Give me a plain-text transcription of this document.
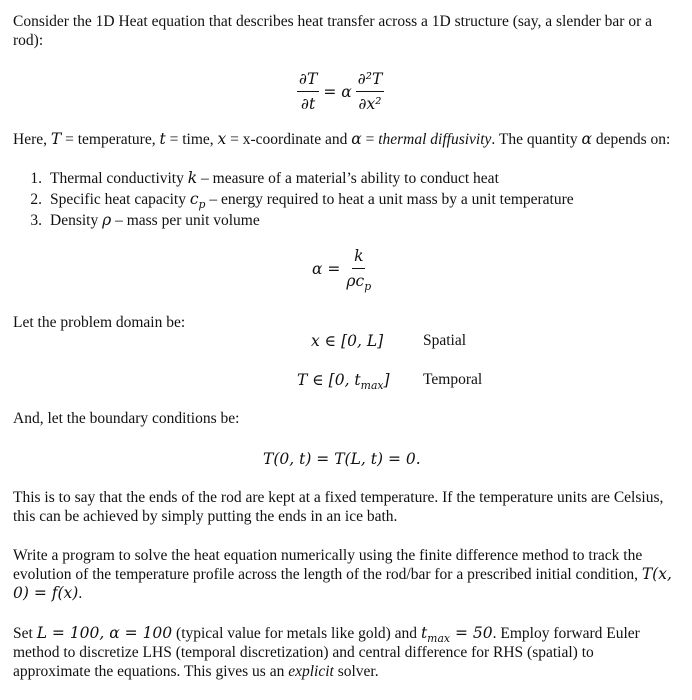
Consider the 1D Heat equation that describes heat transfer across a 1D structure (say, a slender bar or a rod):
$\frac{\partial T}{\partial t} = \alpha \frac{\text{∂²T}}{\text{∂x²}}$
Here, T = temperature, t = time, x = x-coordinate and α = thermal diffusivity. The quantity α depends on:
1. Thermal conductivity
k
– measure of a material’s ability to conduct heat
2. Specific heat capacity
$c_p$
– energy required to heat a unit mass by a unit temperature
3. Density
ρ
– mass per unit volume
$\alpha = \frac{k}{\rho c_p}$
Let the problem domain be:
x ∈ [0, L]	Spatial
T ∈ [0, $t_{max}$] Temporal
And, let the boundary conditions be:
T(0, t) = T(L, t) = 0.
This is to say that the ends of the rod are kept at a fixed temperature. If the temperature units are Celsius, this can be achieved by simply putting the ends in an ice bath.
Write a program to solve the heat equation numerically using the finite difference method to track the evolution of the temperature profile across the length of the rod/bar for a prescribed initial condition, T(x, 0) = f(x).
Set L = 100, α = 100 (typical value for metals like gold) and $t_{max} = 50$. Employ forward Euler method to discretize LHS (temporal discretization) and central difference for RHS (spatial) to approximate the equations. This gives us an explicit solver.
